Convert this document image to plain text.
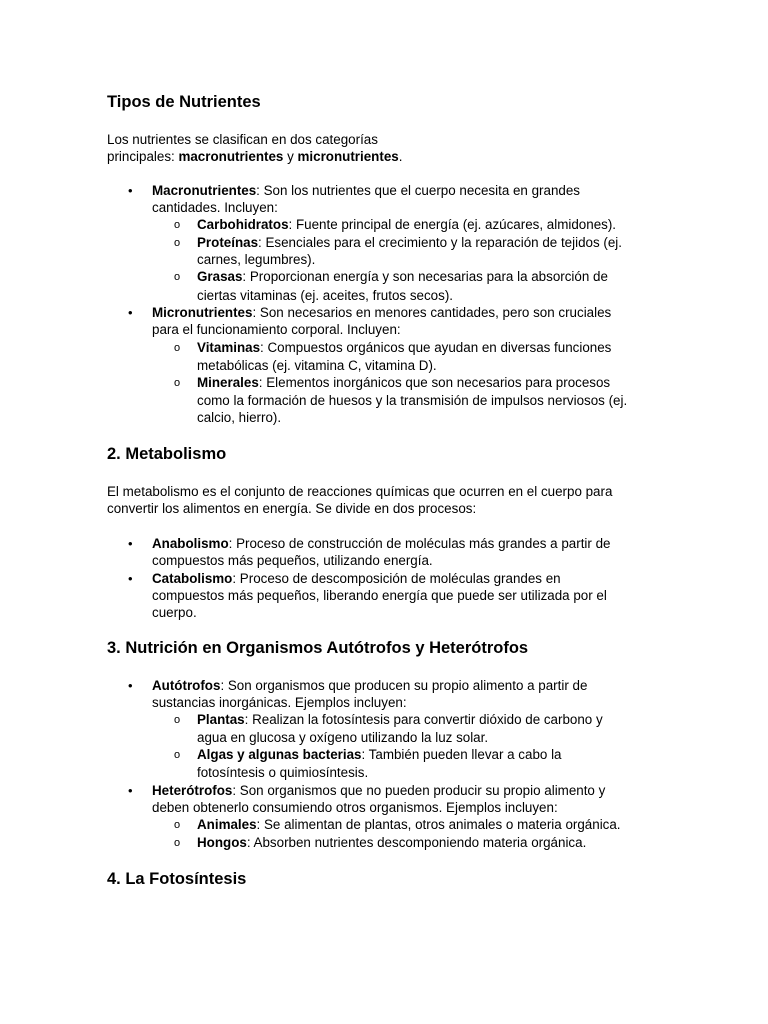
Tipos de Nutrientes
Los nutrientes se clasifican en dos categorías
principales: macronutrientes y micronutrientes.
• Macronutrientes: Son los nutrientes que el cuerpo necesita en grandes
cantidades. Incluyen:
o Carbohidratos: Fuente principal de energía (ej. azúcares, almidones).
o Proteínas: Esenciales para el crecimiento y la reparación de tejidos (ej.
carnes, legumbres).
o Grasas: Proporcionan energía y son necesarias para la absorción de
ciertas vitaminas (ej. aceites, frutos secos).
• Micronutrientes: Son necesarios en menores cantidades, pero son cruciales
para el funcionamiento corporal. Incluyen:
o Vitaminas: Compuestos orgánicos que ayudan en diversas funciones
metabólicas (ej. vitamina C, vitamina D).
o Minerales: Elementos inorgánicos que son necesarios para procesos
como la formación de huesos y la transmisión de impulsos nerviosos (ej.
calcio, hierro).
2. Metabolismo
El metabolismo es el conjunto de reacciones químicas que ocurren en el cuerpo para
convertir los alimentos en energía. Se divide en dos procesos:
• Anabolismo: Proceso de construcción de moléculas más grandes a partir de
compuestos más pequeños, utilizando energía.
• Catabolismo: Proceso de descomposición de moléculas grandes en
compuestos más pequeños, liberando energía que puede ser utilizada por el
cuerpo.
3. Nutrición en Organismos Autótrofos y Heterótrofos
• Autótrofos: Son organismos que producen su propio alimento a partir de
sustancias inorgánicas. Ejemplos incluyen:
o Plantas: Realizan la fotosíntesis para convertir dióxido de carbono y
agua en glucosa y oxígeno utilizando la luz solar.
o Algas y algunas bacterias: También pueden llevar a cabo la
fotosíntesis o quimiosíntesis.
• Heterótrofos: Son organismos que no pueden producir su propio alimento y
deben obtenerlo consumiendo otros organismos. Ejemplos incluyen:
o Animales: Se alimentan de plantas, otros animales o materia orgánica.
o Hongos: Absorben nutrientes descomponiendo materia orgánica.
4. La Fotosíntesis
